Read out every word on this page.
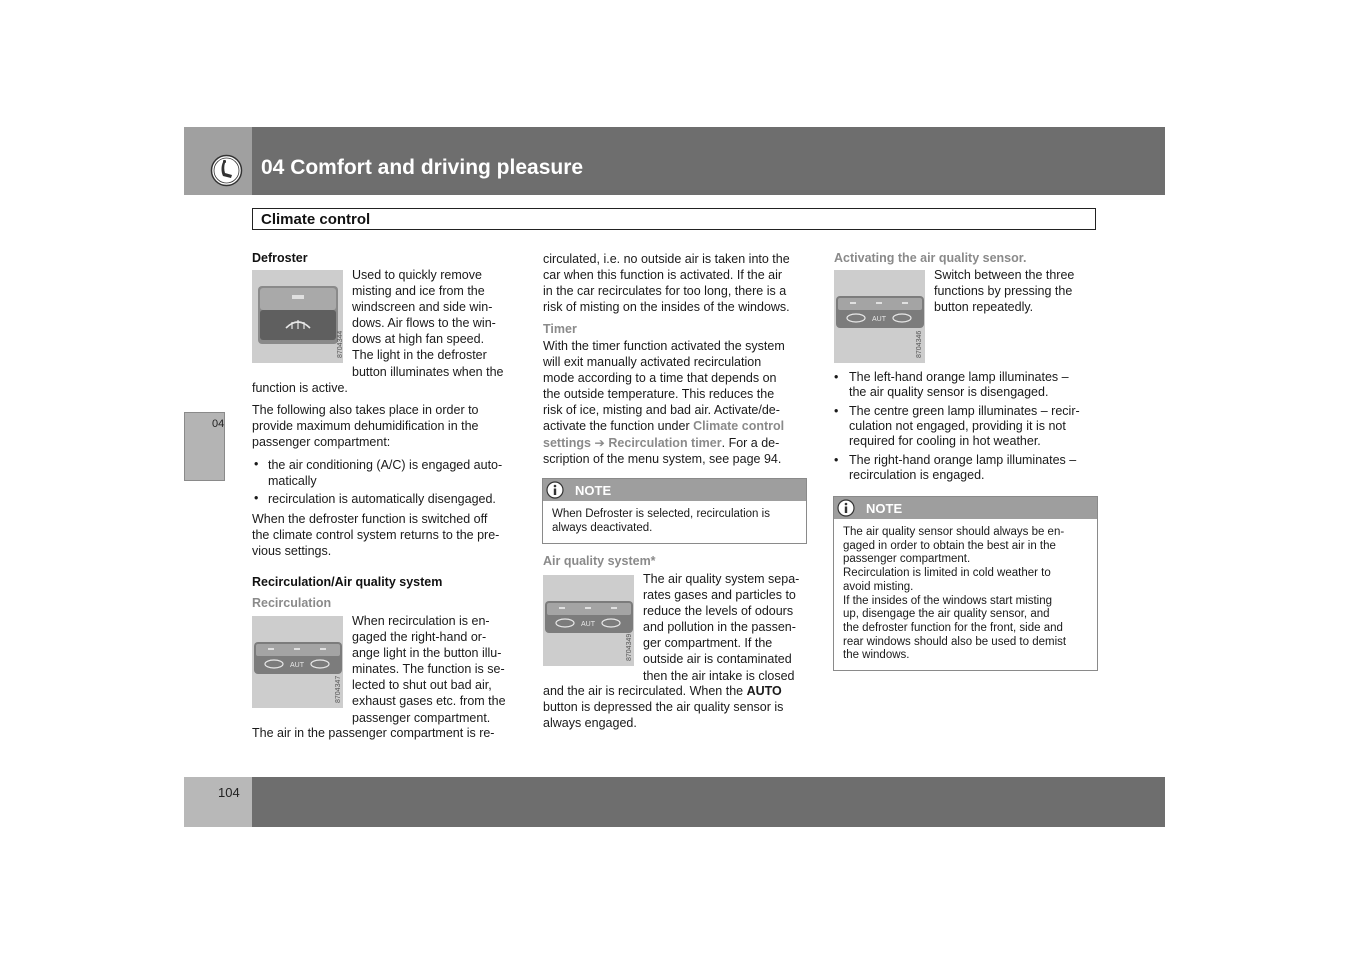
04 Comfort and driving pleasure
Climate control
04
Defroster
8704344
Used to quickly remove
misting and ice from the
windscreen and side win-
dows. Air flows to the win-
dows at high fan speed.
The light in the defroster
button illuminates when the
function is active.
The following also takes place in order to
provide maximum dehumidification in the
passenger compartment:
• the air conditioning (A/C) is engaged auto-
matically
• recirculation is automatically disengaged.
When the defroster function is switched off
the climate control system returns to the pre-
vious settings.
Recirculation/Air quality system
Recirculation
AUT
8704347
When recirculation is en-
gaged the right-hand or-
ange light in the button illu-
minates. The function is se-
lected to shut out bad air,
exhaust gases etc. from the
passenger compartment.
The air in the passenger compartment is re-
circulated, i.e. no outside air is taken into the
car when this function is activated. If the air
in the car recirculates for too long, there is a
risk of misting on the insides of the windows.
Timer
With the timer function activated the system
will exit manually activated recirculation
mode according to a time that depends on
the outside temperature. This reduces the
risk of ice, misting and bad air. Activate/de-
activate the function under Climate control
settings ➔ Recirculation timer. For a de-
scription of the menu system, see page 94.
NOTE
When Defroster is selected, recirculation is
always deactivated.
Air quality system*
AUT
8704349
The air quality system sepa-
rates gases and particles to
reduce the levels of odours
and pollution in the passen-
ger compartment. If the
outside air is contaminated
then the air intake is closed
and the air is recirculated. When the AUTO
button is depressed the air quality sensor is
always engaged.
Activating the air quality sensor.
AUT
8704346
Switch between the three
functions by pressing the
button repeatedly.
• The left-hand orange lamp illuminates –
the air quality sensor is disengaged.
• The centre green lamp illuminates – recir-
culation not engaged, providing it is not
required for cooling in hot weather.
• The right-hand orange lamp illuminates –
recirculation is engaged.
NOTE
The air quality sensor should always be en-
gaged in order to obtain the best air in the
passenger compartment.
Recirculation is limited in cold weather to
avoid misting.
If the insides of the windows start misting
up, disengage the air quality sensor, and
the defroster function for the front, side and
rear windows should also be used to demist
the windows.
104
